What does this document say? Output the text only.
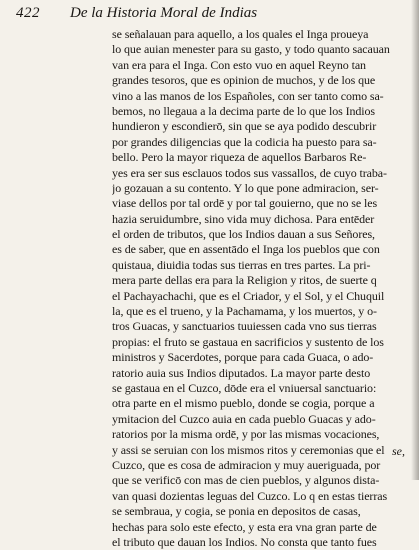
422 De la Historia Moral de Indias
se señalauan para aquello, a los quales el Inga proueya
lo que auian menester para su gasto, y todo quanto sacauan
van era para el Inga. Con esto vuo en aquel Reyno tan
grandes tesoros, que es opinion de muchos, y de los que
vino a las manos de los Españoles, con ser tanto como sa-
bemos, no llegaua a la decima parte de lo que los Indios
hundieron y escondierō, sin que se aya podido descubrir
por grandes diligencias que la codicia ha puesto para sa-
bello. Pero la mayor riqueza de aquellos Barbaros Re-
yes era ser sus esclauos todos sus vassallos, de cuyo traba-
jo gozauan a su contento. Y lo que pone admiracion, ser-
viase dellos por tal ordē y por tal gouierno, que no se les
hazia seruidumbre, sino vida muy dichosa. Para entēder
el orden de tributos, que los Indios dauan a sus Señores,
es de saber, que en assentādo el Inga los pueblos que con
quistaua, diuidia todas sus tierras en tres partes. La pri-
mera parte dellas era para la Religion y ritos, de suerte q
el Pachayachachi, que es el Criador, y el Sol, y el Chuquil
la, que es el trueno, y la Pachamama, y los muertos, y o-
tros Guacas, y sanctuarios tuuiessen cada vno sus tierras
propias: el fruto se gastaua en sacrificios y sustento de los
ministros y Sacerdotes, porque para cada Guaca, o ado-
ratorio auia sus Indios diputados. La mayor parte desto
se gastaua en el Cuzco, dōde era el vniuersal sanctuario:
otra parte en el mismo pueblo, donde se cogia, porque a
ymitacion del Cuzco auia en cada pueblo Guacas y ado-
ratorios por la misma ordē, y por las mismas vocaciones,
y assi se seruian con los mismos ritos y ceremonias que el
Cuzco, que es cosa de admiracion y muy aueriguada, por
que se verificō con mas de cien pueblos, y algunos dista-
van quasi dozientas leguas del Cuzco. Lo q en estas tierras
se sembraua, y cogia, se ponia en depositos de casas,
hechas para solo este efecto, y esta era vna gran parte de
el tributo que dauan los Indios. No consta que tanto fues
se,
